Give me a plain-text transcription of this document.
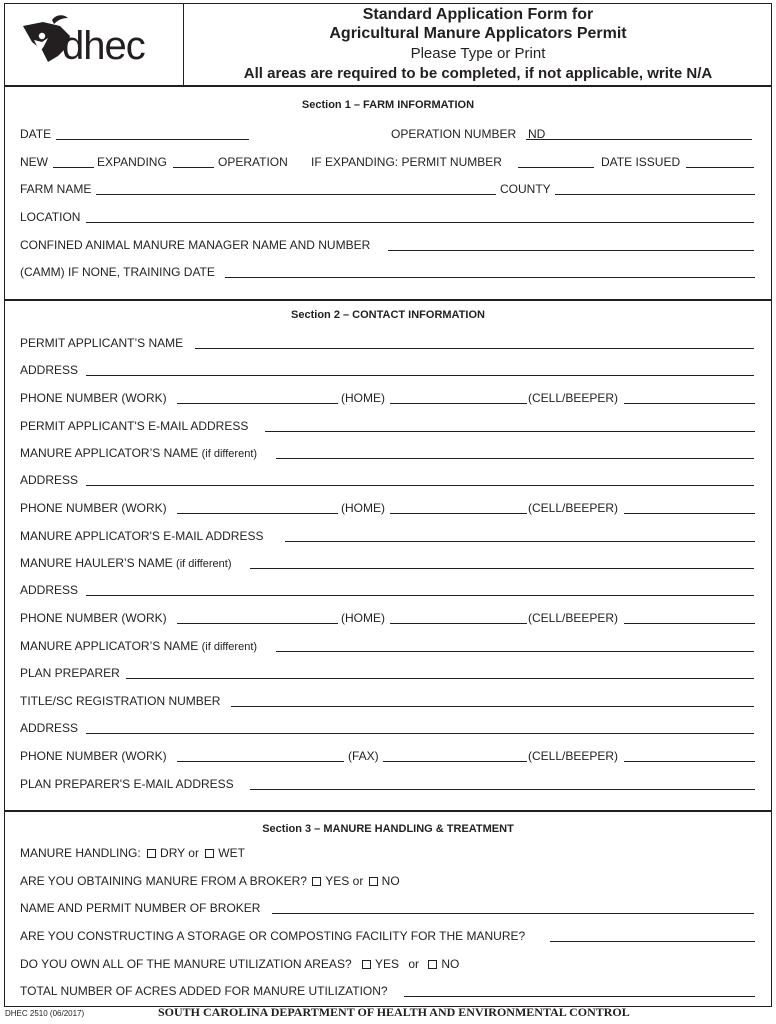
dhec
Standard Application Form for
Agricultural Manure Applicators Permit
Please Type or Print
All areas are required to be completed, if not applicable, write N/A
Section 1 – FARM INFORMATION
DATE	OPERATION NUMBER ND
NEW	EXPANDING	OPERATION IF EXPANDING: PERMIT NUMBER	DATE ISSUED
FARM NAME	COUNTY
LOCATION
CONFINED ANIMAL MANURE MANAGER NAME AND NUMBER
(CAMM) IF NONE, TRAINING DATE
Section 2 – CONTACT INFORMATION
PERMIT APPLICANT’S NAME
ADDRESS
PHONE NUMBER (WORK)	(HOME)	(CELL/BEEPER)
PERMIT APPLICANT'S E-MAIL ADDRESS
MANURE APPLICATOR’S NAME (if different)
ADDRESS
PHONE NUMBER (WORK)	(HOME)	(CELL/BEEPER)
MANURE APPLICATOR'S E-MAIL ADDRESS
MANURE HAULER’S NAME (if different)
ADDRESS
PHONE NUMBER (WORK)	(HOME)	(CELL/BEEPER)
MANURE APPLICATOR’S NAME (if different)
PLAN PREPARER
TITLE/SC REGISTRATION NUMBER
ADDRESS
PHONE NUMBER (WORK)	(FAX)	(CELL/BEEPER)
PLAN PREPARER'S E-MAIL ADDRESS
Section 3 – MANURE HANDLING & TREATMENT
MANURE HANDLING: DRY or WET
ARE YOU OBTAINING MANURE FROM A BROKER? YES or NO
NAME AND PERMIT NUMBER OF BROKER
ARE YOU CONSTRUCTING A STORAGE OR COMPOSTING FACILITY FOR THE MANURE?
DO YOU OWN ALL OF THE MANURE UTILIZATION AREAS? YES or NO
TOTAL NUMBER OF ACRES ADDED FOR MANURE UTILIZATION?
DHEC 2510 (06/2017)	SOUTH CAROLINA DEPARTMENT OF HEALTH AND ENVIRONMENTAL CONTROL
